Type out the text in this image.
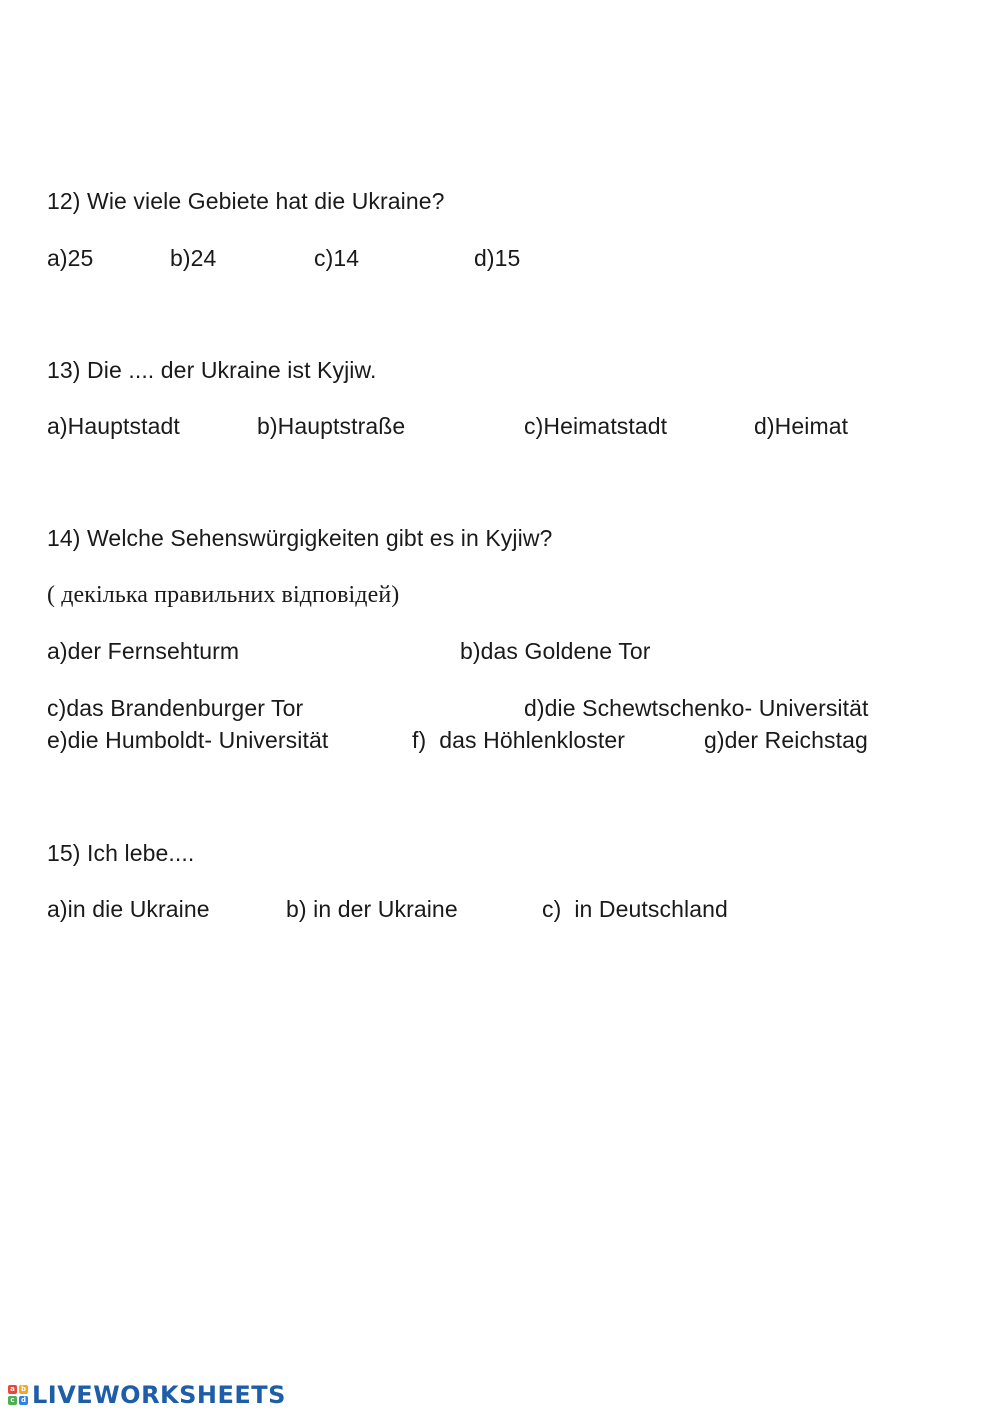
12) Wie viele Gebiete hat die Ukraine?
a)25	b)24	c)14	d)15
13) Die .... der Ukraine ist Kyjiw.
a)Hauptstadt	b)Hauptstraße	c)Heimatstadt	d)Heimat
14) Welche Sehenswürgigkeiten gibt es in Kyjiw?
( декілька правильних відповідей)
a)der Fernsehturm	b)das Goldene Tor
c)das Brandenburger Tor	d)die Schewtschenko- Universität
e)die Humboldt- Universität	f)  das Höhlenkloster	g)der Reichstag
15) Ich lebe....
a)in die Ukraine	b) in der Ukraine	c)  in Deutschland
a b
c d LIVEWORKSHEETS
